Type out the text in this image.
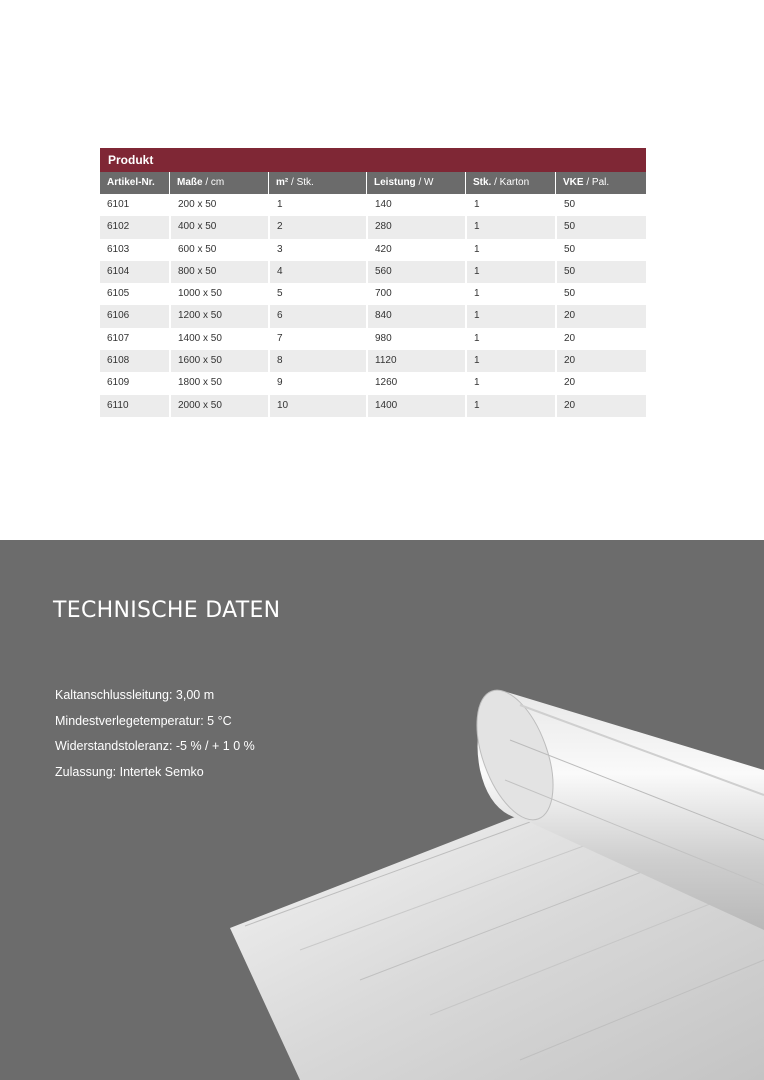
Produkt
Artikel-Nr.	Maße / cm	m² / Stk.	Leistung / W	Stk. / Karton	VKE / Pal.
6101	200 x 50	1	140	1	50
6102	400 x 50	2	280	1	50
6103	600 x 50	3	420	1	50
6104	800 x 50	4	560	1	50
6105	1000 x 50	5	700	1	50
6106	1200 x 50	6	840	1	20
6107	1400 x 50	7	980	1	20
6108	1600 x 50	8	1120	1	20
6109	1800 x 50	9	1260	1	20
6110	2000 x 50	10	1400	1	20
TECHNISCHE DATEN
Kaltanschlussleitung: 3,00 m
Mindestverlegetemperatur: 5 °C
Widerstandstoleranz: -5 % / + 1 0 %
Zulassung: Intertek Semko
